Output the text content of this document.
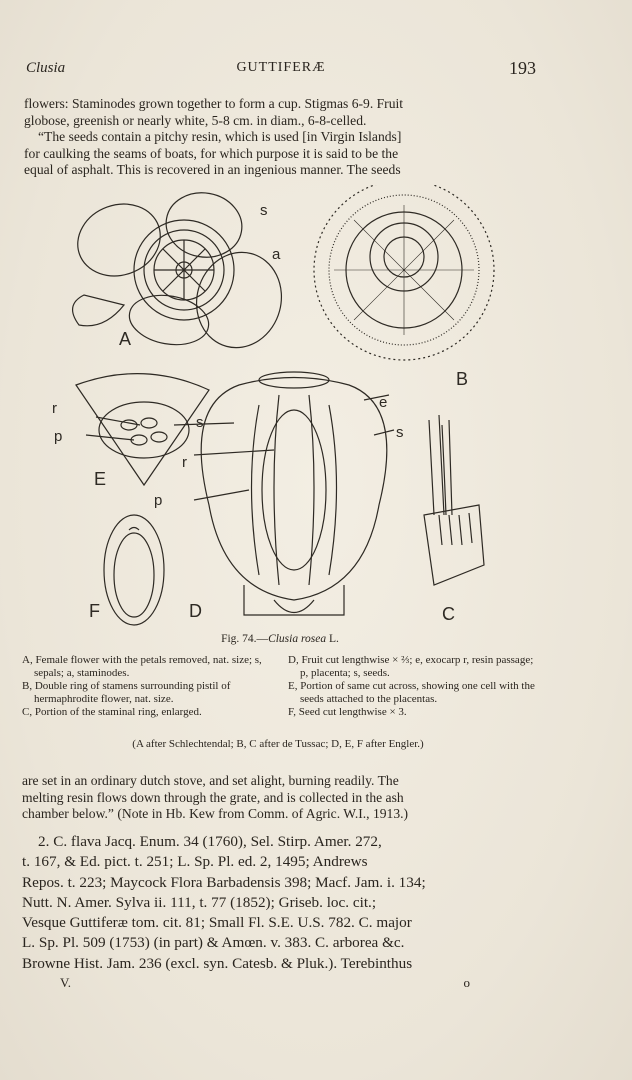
Clusia	GUTTIFERÆ	193

flowers: Staminodes grown together to form a cup. Stigmas 6-9. Fruit

globose, greenish or nearly white, 5-8 cm. in diam., 6-8-celled.

“The seeds contain a pitchy resin, which is used [in Virgin Islands]

for caulking the seams of boats, for which purpose it is said to be the

equal of asphalt. This is recovered in an ingenious manner. The seeds

A
B
C
D
E
F
s
a
r
p
s
r
p
e
s
Fig. 74.—Clusia rosea L.
A, Female flower with the petals removed, nat. size; s, sepals; a, staminodes.
B, Double ring of stamens surrounding pistil of hermaphrodite flower, nat. size.
C, Portion of the staminal ring, enlarged.
D, Fruit cut lengthwise × ⅔; e, exocarp r, resin passage; p, placenta; s, seeds.
E, Portion of same cut across, showing one cell with the seeds attached to the placentas.
F, Seed cut lengthwise × 3.
(A after Schlechtendal; B, C after de Tussac; D, E, F after Engler.)
are set in an ordinary dutch stove, and set alight, burning readily. The
melting resin flows down through the grate, and is collected in the ash
chamber below.” (Note in Hb. Kew from Comm. of Agric. W.I., 1913.)
2. C. flava Jacq. Enum. 34 (1760), Sel. Stirp. Amer. 272,
t. 167, & Ed. pict. t. 251; L. Sp. Pl. ed. 2, 1495; Andrews
Repos. t. 223; Maycock Flora Barbadensis 398; Macf. Jam. i. 134;
Nutt. N. Amer. Sylva ii. 111, t. 77 (1852); Griseb. loc. cit.;
Vesque Guttiferæ tom. cit. 81; Small Fl. S.E. U.S. 782. C. major
L. Sp. Pl. 509 (1753) (in part) & Amœn. v. 383. C. arborea &c.
Browne Hist. Jam. 236 (excl. syn. Catesb. & Pluk.). Terebinthus
V.	o
